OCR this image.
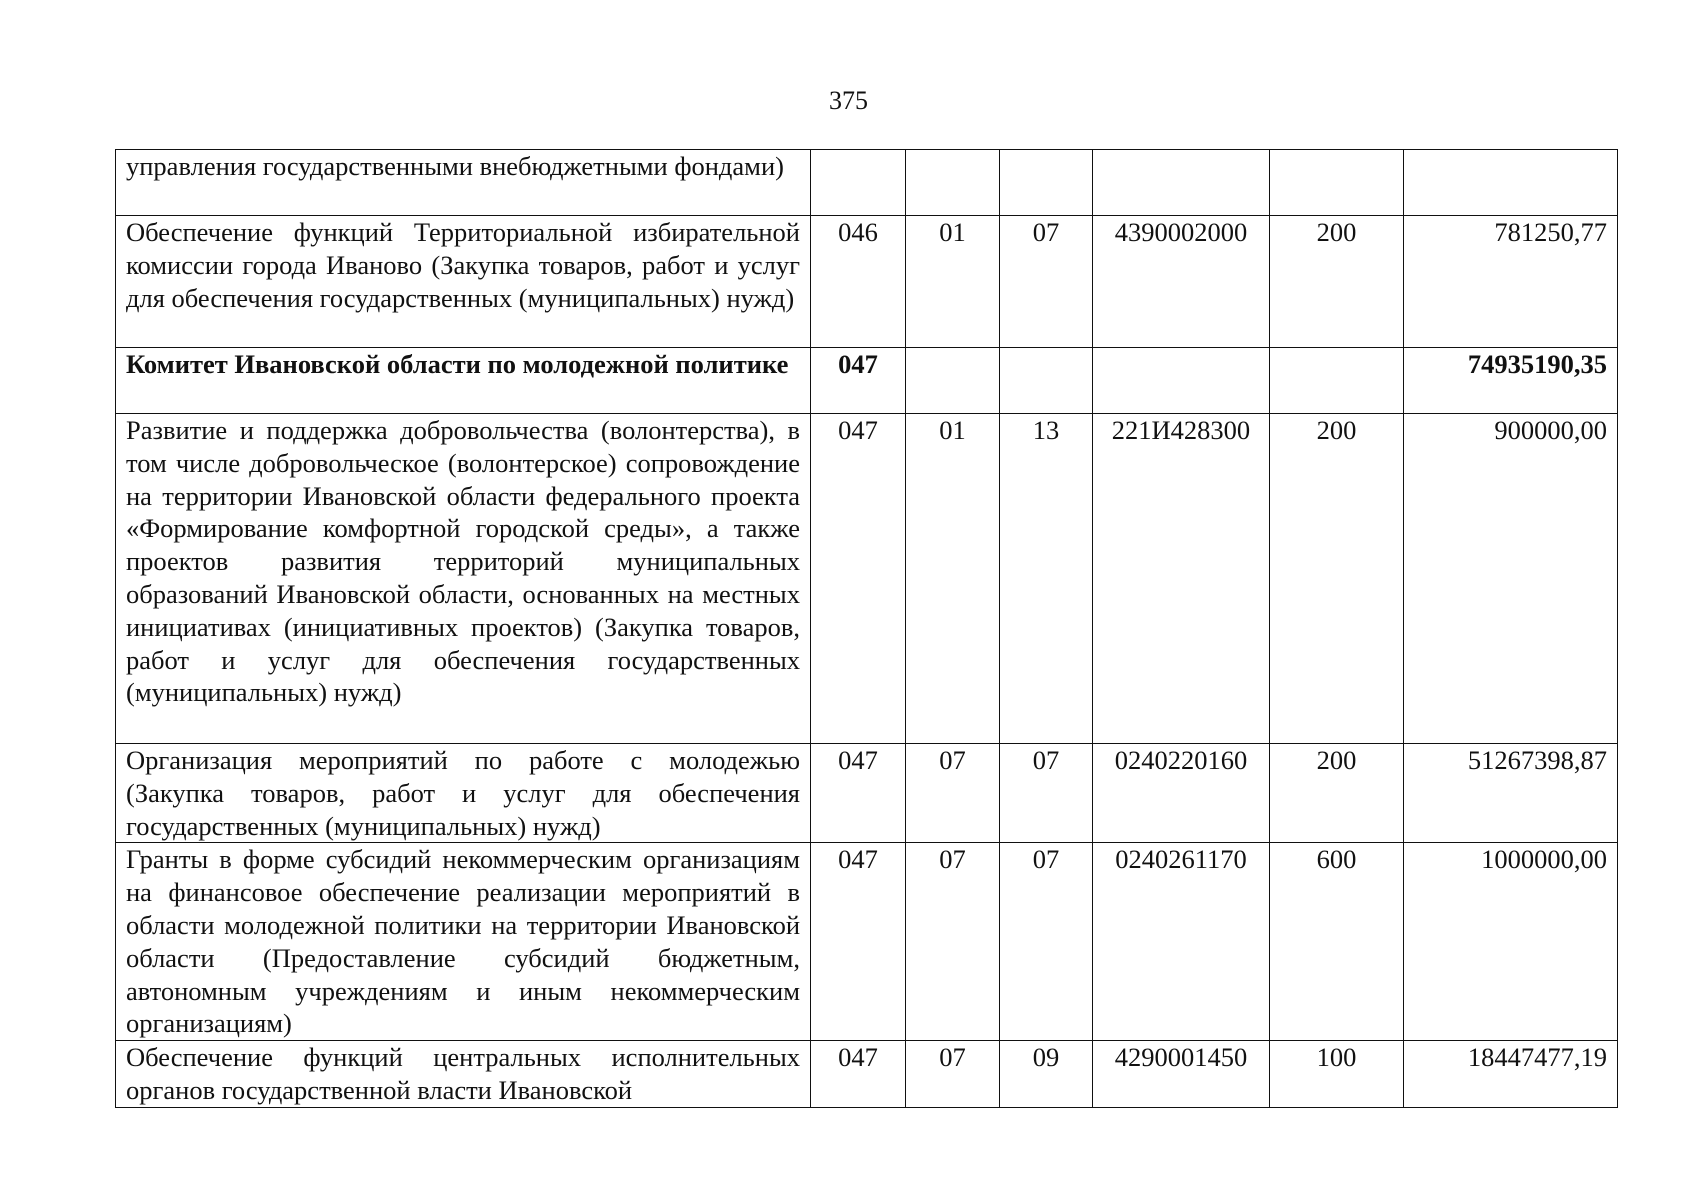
375
управления государственными внебюджетными фондами)						
Обеспечение функций Территориальной избирательной комиссии города Иваново (Закупка товаров, работ и услуг для обеспечения государственных (муниципальных) нужд)	046	01	07	4390002000	200	781250,77
Комитет Ивановской области по молодежной политике	047					74935190,35
Развитие и поддержка добровольчества (волонтерства), в том числе добровольческое (волонтерское) сопровождение на территории Ивановской области федерального проекта «Формирование комфортной городской среды», а также проектов развития территорий муниципальных образований Ивановской области, основанных на местных инициативах (инициативных проектов) (Закупка товаров, работ и услуг для обеспечения государственных (муниципальных) нужд)	047	01	13	221И428300	200	900000,00
Организация мероприятий по работе с молодежью (Закупка товаров, работ и услуг для обеспечения государственных (муниципальных) нужд)	047	07	07	0240220160	200	51267398,87
Гранты в форме субсидий некоммерческим организациям на финансовое обеспечение реализации мероприятий в области молодежной политики на территории Ивановской области (Предоставление субсидий бюджетным, автономным учреждениям и иным некоммерческим организациям)	047	07	07	0240261170	600	1000000,00
Обеспечение функций центральных исполнительных органов государственной власти Ивановской	047	07	09	4290001450	100	18447477,19
